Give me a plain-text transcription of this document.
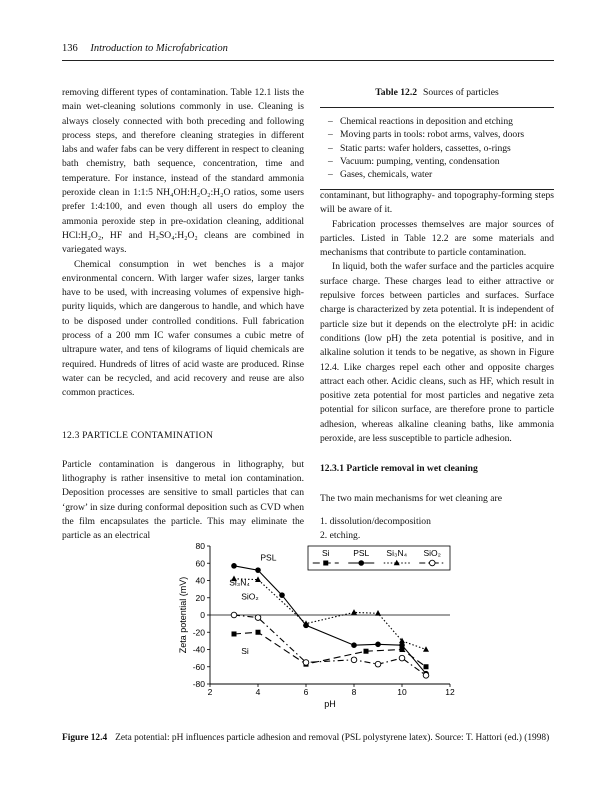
136 Introduction to Microfabrication

removing different types of contamination. Table 12.1 lists the main wet-cleaning solutions commonly in use. Cleaning is always closely connected with both preceding and following process steps, and therefore cleaning strategies in different labs and wafer fabs can be very different in respect to cleaning bath chemistry, bath sequence, concentration, time and temperature. For instance, instead of the standard ammonia peroxide clean in 1:1:5 NH₄OH:H₂O₂:H₂O ratios, some users prefer 1:4:100, and even though all users do employ the ammonia peroxide step in pre-oxidation cleaning, additional HCl:H₂O₂, HF and H₂SO₄:H₂O₂ cleans are combined in variegated ways.

Chemical consumption in wet benches is a major environmental concern. With larger wafer sizes, larger tanks have to be used, with increasing volumes of expensive high-purity liquids, which are dangerous to handle, and which have to be disposed under controlled conditions. Full fabrication process of a 200 mm IC wafer consumes a cubic metre of ultrapure water, and tens of kilograms of liquid chemicals are required. Hundreds of litres of acid waste are produced. Rinse water can be recycled, and acid recovery and reuse are also common practices.

12.3 PARTICLE CONTAMINATION

Particle contamination is dangerous in lithography, but lithography is rather insensitive to metal ion contamination. Deposition processes are sensitive to small particles that can ‘grow’ in size during conformal deposition such as CVD when the film encapsulates the particle. This may eliminate the particle as an electrical

Table 12.2 Sources of particles
– Chemical reactions in deposition and etching
– Moving parts in tools: robot arms, valves, doors
– Static parts: wafer holders, cassettes, o-rings
– Vacuum: pumping, venting, condensation
– Gases, chemicals, water

contaminant, but lithography- and topography-forming steps will be aware of it.

Fabrication processes themselves are major sources of particles. Listed in Table 12.2 are some materials and mechanisms that contribute to particle contamination.

In liquid, both the wafer surface and the particles acquire surface charge. These charges lead to either attractive or repulsive forces between particles and surfaces. Surface charge is characterized by zeta potential. It is independent of particle size but it depends on the electrolyte pH: in acidic conditions (low pH) the zeta potential is positive, and in alkaline solution it tends to be negative, as shown in Figure 12.4. Like charges repel each other and opposite charges attract each other. Acidic cleans, such as HF, which result in positive zeta potential for most particles and negative zeta potential for silicon surface, are therefore prone to particle adhesion, whereas alkaline cleaning baths, like ammonia peroxide, are less susceptible to particle adhesion.

12.3.1 Particle removal in wet cleaning

The two main mechanisms for wet cleaning are

1. dissolution/decomposition

2. etching.

80
60
40
20
0
-20
-40
-60
-80
2	4	6	8	10	12
pH
Zeta potential (mV)	Si
PSL
Si₃N₄
SiO₂
Si	PSL Si₃N₄ SiO₂
Figure 12.4 Zeta potential: pH influences particle adhesion and removal (PSL polystyrene latex). Source: T. Hattori (ed.) (1998)
